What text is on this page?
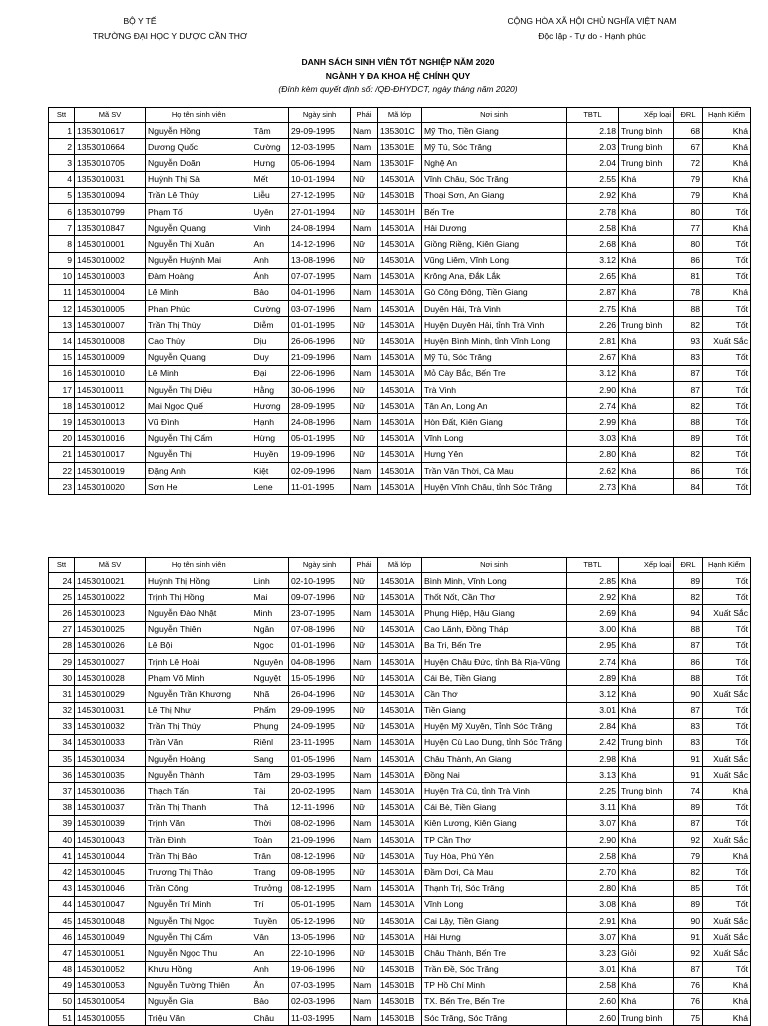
BỘ Y TẾ
TRƯỜNG ĐẠI HỌC Y DƯỢC CẦN THƠ
CỘNG HÒA XÃ HỘI CHỦ NGHĨA VIỆT NAM
Độc lập - Tự do - Hạnh phúc
DANH SÁCH SINH VIÊN TỐT NGHIỆP NĂM 2020
NGÀNH Y ĐA KHOA HỆ CHÍNH QUY
(Đính kèm quyết định số: /QĐ-ĐHYDCT, ngày tháng năm 2020)
Stt	Mã SV	Họ tên sinh viên		Ngày sinh	Phái	Mã lớp	Nơi sinh	TBTL	Xếp loại	ĐRL	Hạnh Kiểm
1	1353010617	Nguyễn Hồng	Tâm	29-09-1995	Nam	135301C	Mỹ Tho, Tiền Giang	2.18	Trung bình	68	Khá
2	1353010664	Dương Quốc	Cường	12-03-1995	Nam	135301E	Mỹ Tú, Sóc Trăng	2.03	Trung bình	67	Khá
3	1353010705	Nguyễn Doãn	Hưng	05-06-1994	Nam	135301F	Nghệ An	2.04	Trung bình	72	Khá
4	1353010031	Huỳnh Thị Sà	Mết	10-01-1994	Nữ	145301A	Vĩnh Châu, Sóc Trăng	2.55	Khá	79	Khá
5	1353010094	Trần Lê Thúy	Liễu	27-12-1995	Nữ	145301B	Thoại Sơn, An Giang	2.92	Khá	79	Khá
6	1353010799	Phạm Tố	Uyên	27-01-1994	Nữ	145301H	Bến Tre	2.78	Khá	80	Tốt
7	1353010847	Nguyễn Quang	Vinh	24-08-1994	Nam	145301A	Hải Dương	2.58	Khá	77	Khá
8	1453010001	Nguyễn Thị Xuân	An	14-12-1996	Nữ	145301A	Giồng Riềng, Kiên Giang	2.68	Khá	80	Tốt
9	1453010002	Nguyễn Huỳnh Mai	Anh	13-08-1996	Nữ	145301A	Vũng Liêm, Vĩnh Long	3.12	Khá	86	Tốt
10	1453010003	Đàm Hoàng	Ánh	07-07-1995	Nam	145301A	Krông Ana, Đắk Lắk	2.65	Khá	81	Tốt
11	1453010004	Lê Minh	Bảo	04-01-1996	Nam	145301A	Gò Công Đông, Tiền Giang	2.87	Khá	78	Khá
12	1453010005	Phan Phúc	Cường	03-07-1996	Nam	145301A	Duyên Hải, Trà Vinh	2.75	Khá	88	Tốt
13	1453010007	Trần Thị Thùy	Diễm	01-01-1995	Nữ	145301A	Huyện Duyên Hải, tỉnh Trà Vinh	2.26	Trung bình	82	Tốt
14	1453010008	Cao Thùy	Dịu	26-06-1996	Nữ	145301A	Huyện Bình Minh, tỉnh Vĩnh Long	2.81	Khá	93	Xuất Sắc
15	1453010009	Nguyễn Quang	Duy	21-09-1996	Nam	145301A	Mỹ Tú, Sóc Trăng	2.67	Khá	83	Tốt
16	1453010010	Lê Minh	Đại	22-06-1996	Nam	145301A	Mỏ Cày Bắc, Bến Tre	3.12	Khá	87	Tốt
17	1453010011	Nguyễn Thị Diệu	Hằng	30-06-1996	Nữ	145301A	Trà Vinh	2.90	Khá	87	Tốt
18	1453010012	Mai Ngọc Quế	Hương	28-09-1995	Nữ	145301A	Tân An, Long An	2.74	Khá	82	Tốt
19	1453010013	Vũ Đình	Hạnh	24-08-1996	Nam	145301A	Hòn Đất, Kiên Giang	2.99	Khá	88	Tốt
20	1453010016	Nguyễn Thị Cẩm	Hừng	05-01-1995	Nữ	145301A	Vĩnh Long	3.03	Khá	89	Tốt
21	1453010017	Nguyễn Thị	Huyền	19-09-1996	Nữ	145301A	Hưng Yên	2.80	Khá	82	Tốt
22	1453010019	Đặng Anh	Kiệt	02-09-1996	Nam	145301A	Trần Văn Thời, Cà Mau	2.62	Khá	86	Tốt
23	1453010020	Sơn He	Lene	11-01-1995	Nam	145301A	Huyện Vĩnh Châu, tỉnh Sóc Trăng	2.73	Khá	84	Tốt
Stt	Mã SV	Họ tên sinh viên		Ngày sinh	Phái	Mã lớp	Nơi sinh	TBTL	Xếp loại	ĐRL	Hạnh Kiểm
24	1453010021	Huỳnh Thị Hồng	Linh	02-10-1995	Nữ	145301A	Bình Minh, Vĩnh Long	2.85	Khá	89	Tốt
25	1453010022	Trịnh Thị Hồng	Mai	09-07-1996	Nữ	145301A	Thốt Nốt, Cần Thơ	2.92	Khá	82	Tốt
26	1453010023	Nguyễn Đào Nhật	Minh	23-07-1995	Nam	145301A	Phụng Hiệp, Hậu Giang	2.69	Khá	94	Xuất Sắc
27	1453010025	Nguyễn Thiên	Ngân	07-08-1996	Nữ	145301A	Cao Lãnh, Đồng Tháp	3.00	Khá	88	Tốt
28	1453010026	Lê Bội	Ngọc	01-01-1996	Nữ	145301A	Ba Tri, Bến Tre	2.95	Khá	87	Tốt
29	1453010027	Trịnh Lê Hoài	Nguyên	04-08-1996	Nam	145301A	Huyện Châu Đức, tỉnh Bà Rịa-Vũng	2.74	Khá	86	Tốt
30	1453010028	Phạm Võ Minh	Nguyệt	15-05-1996	Nữ	145301A	Cái Bè, Tiền Giang	2.89	Khá	88	Tốt
31	1453010029	Nguyễn Trần Khương	Nhã	26-04-1996	Nữ	145301A	Cần Thơ	3.12	Khá	90	Xuất Sắc
32	1453010031	Lê Thị Như	Phẩm	29-09-1995	Nữ	145301A	Tiền Giang	3.01	Khá	87	Tốt
33	1453010032	Trần Thị Thúy	Phụng	24-09-1995	Nữ	145301A	Huyện Mỹ Xuyên, Tỉnh Sóc Trăng	2.84	Khá	83	Tốt
34	1453010033	Trần Văn	Riênl	23-11-1995	Nam	145301A	Huyện Cù Lao Dung, tỉnh Sóc Trăng	2.42	Trung bình	83	Tốt
35	1453010034	Nguyễn Hoàng	Sang	01-05-1996	Nam	145301A	Châu Thành, An Giang	2.98	Khá	91	Xuất Sắc
36	1453010035	Nguyễn Thành	Tâm	29-03-1995	Nam	145301A	Đồng Nai	3.13	Khá	91	Xuất Sắc
37	1453010036	Thạch Tấn	Tài	20-02-1995	Nam	145301A	Huyện Trà Cú, tỉnh Trà Vinh	2.25	Trung bình	74	Khá
38	1453010037	Trần Thị Thanh	Thả	12-11-1996	Nữ	145301A	Cái Bè, Tiền Giang	3.11	Khá	89	Tốt
39	1453010039	Trịnh Văn	Thời	08-02-1996	Nam	145301A	Kiên Lương, Kiên Giang	3.07	Khá	87	Tốt
40	1453010043	Trần Đình	Toàn	21-09-1996	Nam	145301A	TP Cần Thơ	2.90	Khá	92	Xuất Sắc
41	1453010044	Trần Thị Bảo	Trân	08-12-1996	Nữ	145301A	Tuy Hòa, Phú Yên	2.58	Khá	79	Khá
42	1453010045	Trương Thị Thảo	Trang	09-08-1995	Nữ	145301A	Đầm Dơi, Cà Mau	2.70	Khá	82	Tốt
43	1453010046	Trần Công	Trưởng	08-12-1995	Nam	145301A	Thạnh Trị, Sóc Trăng	2.80	Khá	85	Tốt
44	1453010047	Nguyễn Trí Minh	Trí	05-01-1995	Nam	145301A	Vĩnh Long	3.08	Khá	89	Tốt
45	1453010048	Nguyễn Thị Ngọc	Tuyền	05-12-1996	Nữ	145301A	Cai Lậy, Tiền Giang	2.91	Khá	90	Xuất Sắc
46	1453010049	Nguyễn Thị Cẩm	Vân	13-05-1996	Nữ	145301A	Hải Hưng	3.07	Khá	91	Xuất Sắc
47	1453010051	Nguyễn Ngọc Thu	An	22-10-1996	Nữ	145301B	Châu Thành, Bến Tre	3.23	Giỏi	92	Xuất Sắc
48	1453010052	Khưu Hồng	Anh	19-06-1996	Nữ	145301B	Trần Đề, Sóc Trăng	3.01	Khá	87	Tốt
49	1453010053	Nguyễn Tường Thiên	Ân	07-03-1995	Nam	145301B	TP Hồ Chí Minh	2.58	Khá	76	Khá
50	1453010054	Nguyễn Gia	Bảo	02-03-1996	Nam	145301B	TX. Bến Tre, Bến Tre	2.60	Khá	76	Khá
51	1453010055	Triệu Văn	Châu	11-03-1995	Nam	145301B	Sóc Trăng, Sóc Trăng	2.60	Trung bình	75	Khá
